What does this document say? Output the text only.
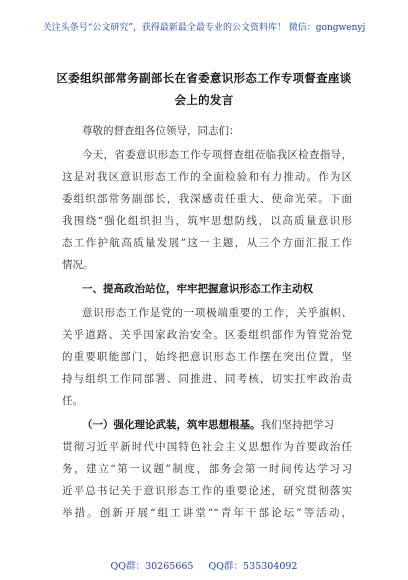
关注头条号“公文研究”，获得最新最全最专业的公文资料库！ 微信：gongwenyj
区委组织部常务副部长在省委意识形态工作专项督查座谈
会上的发言
尊敬的督查组各位领导，同志们：
今天，省委意识形态工作专项督查组莅临我区检查指导，
这是对我区意识形态工作的全面检验和有力推动。作为区
委组织部常务副部长，我深感责任重大、使命光荣。下面
我围绕“强化组织担当，筑牢思想防线，以高质量意识形
态工作护航高质量发展”这一主题，从三个方面汇报工作
情况。
一、提高政治站位，牢牢把握意识形态工作主动权
意识形态工作是党的一项极端重要的工作，关乎旗帜、
关乎道路、关乎国家政治安全。区委组织部作为管党治党
的重要职能部门，始终把意识形态工作摆在突出位置，坚
持与组织工作同部署、同推进、同考核，切实扛牢政治责
任。
（一）强化理论武装，筑牢思想根基。我们坚持把学习
贯彻习近平新时代中国特色社会主义思想作为首要政治任
务，建立“第一议题”制度，部务会第一时间传达学习习
近平总书记关于意识形态工作的重要论述，研究贯彻落实
举措。创新开展“组工讲堂”“青年干部论坛”等活动，
QQ群：30265665 QQ群：535304092
